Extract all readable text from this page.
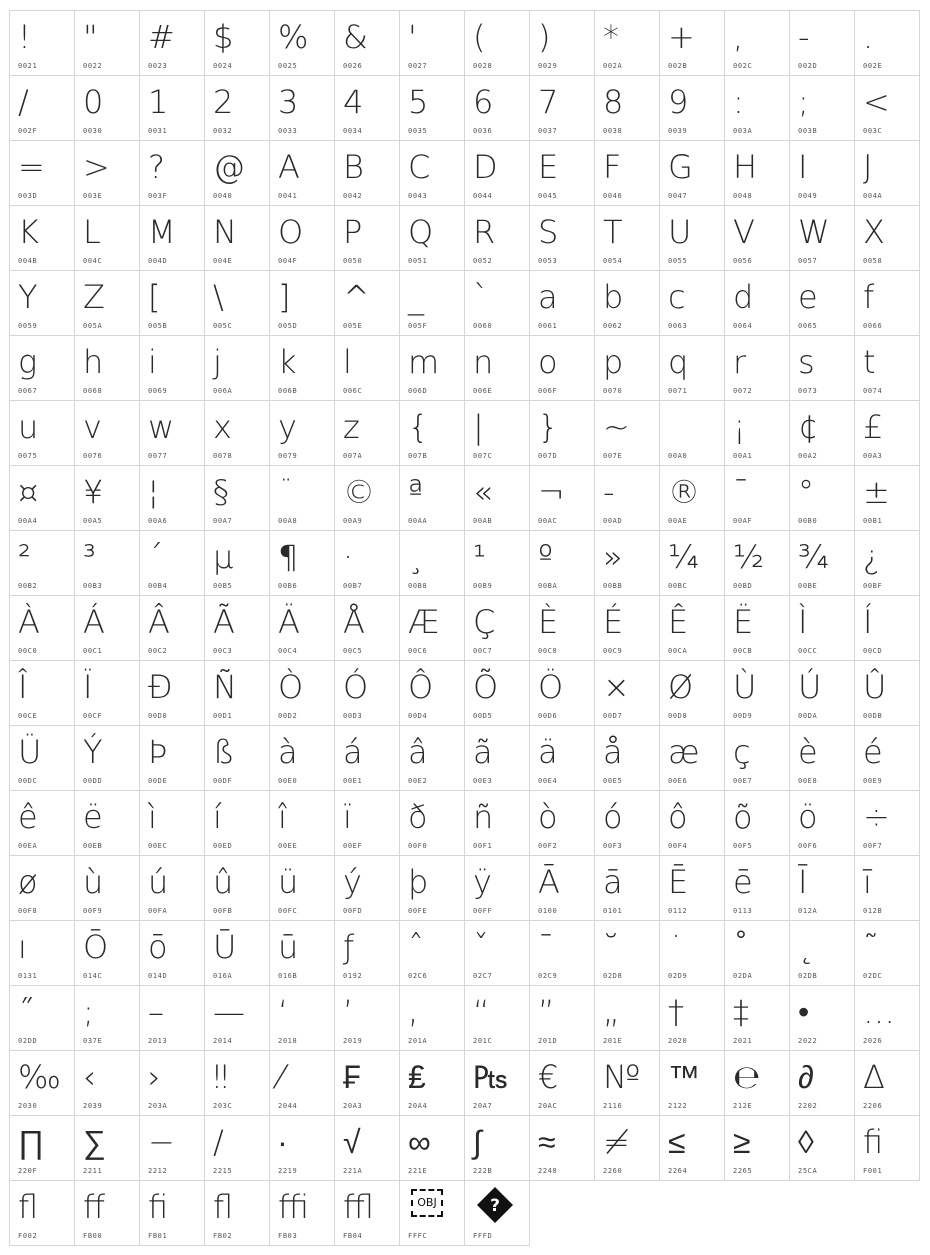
!
0021
"
0022
#
0023
$
0024
%
0025
&
0026
'
0027
(
0028
)
0029
*
002A
+
002B
,
002C
-
002D
.
002E
/
002F
0
0030
1
0031
2
0032
3
0033
4
0034
5
0035
6
0036
7
0037
8
0038
9
0039
:
003A
;
003B
<
003C
=
003D
>
003E
?
003F
@
0040
A
0041
B
0042
C
0043
D
0044
E
0045
F
0046
G
0047
H
0048
I
0049
J
004A
K
004B
L
004C
M
004D
N
004E
O
004F
P
0050
Q
0051
R
0052
S
0053
T
0054
U
0055
V
0056
W
0057
X
0058
Y
0059
Z
005A
[
005B
\
005C
]
005D
^
005E
_
005F
`
0060
a
0061
b
0062
c
0063
d
0064
e
0065
f
0066
g
0067
h
0068
i
0069
j
006A
k
006B
l
006C
m
006D
n
006E
o
006F
p
0070
q
0071
r
0072
s
0073
t
0074
u
0075
v
0076
w
0077
x
0078
y
0079
z
007A
{
007B
|
007C
}
007D
~
007E	00A0
¡
00A1
¢
00A2
£
00A3
¤
00A4
¥
00A5
¦
00A6
§
00A7
¨
00A8
©
00A9
ª
00AA
«
00AB
¬
00AC
-
00AD
®
00AE
¯
00AF
°
00B0
±
00B1
²
00B2
³
00B3
´
00B4
µ
00B5
¶
00B6
·
00B7
¸
00B8
¹
00B9
º
00BA
»
00BB
¼
00BC
½
00BD
¾
00BE
¿
00BF
À
00C0
Á
00C1
Â
00C2
Ã
00C3
Ä
00C4
Å
00C5
Æ
00C6
Ç
00C7
È
00C8
É
00C9
Ê
00CA
Ë
00CB
Ì
00CC
Í
00CD
Î
00CE
Ï
00CF
Đ
00D0
Ñ
00D1
Ò
00D2
Ó
00D3
Ô
00D4
Õ
00D5
Ö
00D6
×
00D7
Ø
00D8
Ù
00D9
Ú
00DA
Û
00DB
Ü
00DC
Ý
00DD
Þ
00DE
ß
00DF
à
00E0
á
00E1
â
00E2
ã
00E3
ä
00E4
å
00E5
æ
00E6
ç
00E7
è
00E8
é
00E9
ê
00EA
ë
00EB
ì
00EC
í
00ED
î
00EE
ï
00EF
ð
00F0
ñ
00F1
ò
00F2
ó
00F3
ô
00F4
õ
00F5
ö
00F6
÷
00F7
ø
00F8
ù
00F9
ú
00FA
û
00FB
ü
00FC
ý
00FD
þ
00FE
ÿ
00FF
Ā
0100
ā
0101
Ē
0112
ē
0113
Ī
012A
ī
012B
ı
0131
Ō
014C
ō
014D
Ū
016A
ū
016B
ƒ
0192
ˆ
02C6
ˇ
02C7
ˉ
02C9
˘
02D8
˙
02D9
˚
02DA
˛
02DB
˜
02DC
˝
02DD
;
037E
–
2013
—
2014
‘
2018
’
2019
‚
201A
“
201C
”
201D
„
201E
†
2020
‡
2021
•
2022
…
2026
‰
2030
‹
2039
›
203A
‼
203C
⁄
2044
₣
20A3
₤
20A4
₧
20A7
€
20AC
№
2116
™
2122
℮
212E
∂
2202
∆
2206
∏
220F
∑
2211
−
2212
∕
2215
∙
2219
√
221A
∞
221E
∫
222B
≈
2248
≠
2260
≤
2264
≥
2265
◊
25CA
ﬁ
F001
ﬂ
F002
ﬀ
FB00
ﬁ
FB01
ﬂ
FB02
ﬃ
FB03
ﬄ
FB04
OBJ
FFFC
?
FFFD
